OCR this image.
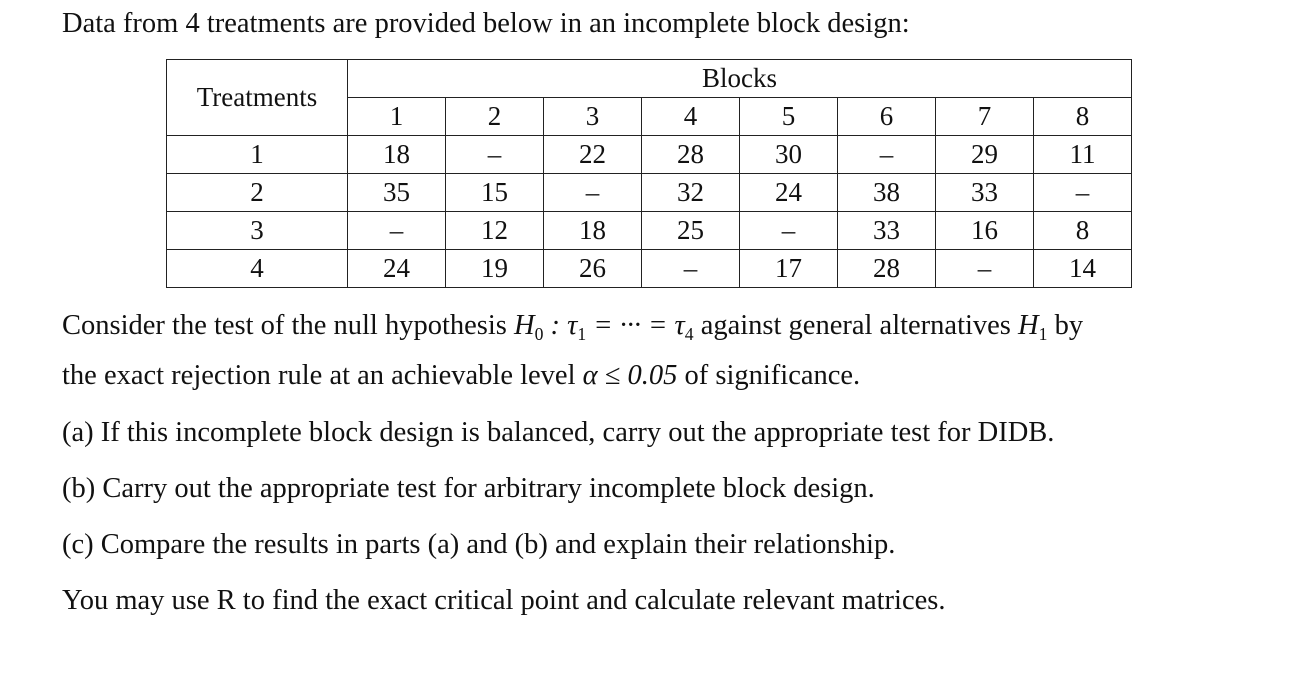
Data from 4 treatments are provided below in an incomplete block design:
Treatments	Blocks							
	1	2	3	4	5	6	7	8
1	18	–	22	28	30	–	29	11
2	35	15	–	32	24	38	33	–
3	–	12	18	25	–	33	16	8
4	24	19	26	–	17	28	–	14
Consider the test of the null hypothesis $H_0$ : $\tau_1$ = ··· = $\tau_4$ against general alternatives $H_1$ by
the exact rejection rule at an achievable level α ≤ 0.05 of significance.
(a) If this incomplete block design is balanced, carry out the appropriate test for DIDB.
(b) Carry out the appropriate test for arbitrary incomplete block design.
(c) Compare the results in parts (a) and (b) and explain their relationship.
You may use R to find the exact critical point and calculate relevant matrices.
